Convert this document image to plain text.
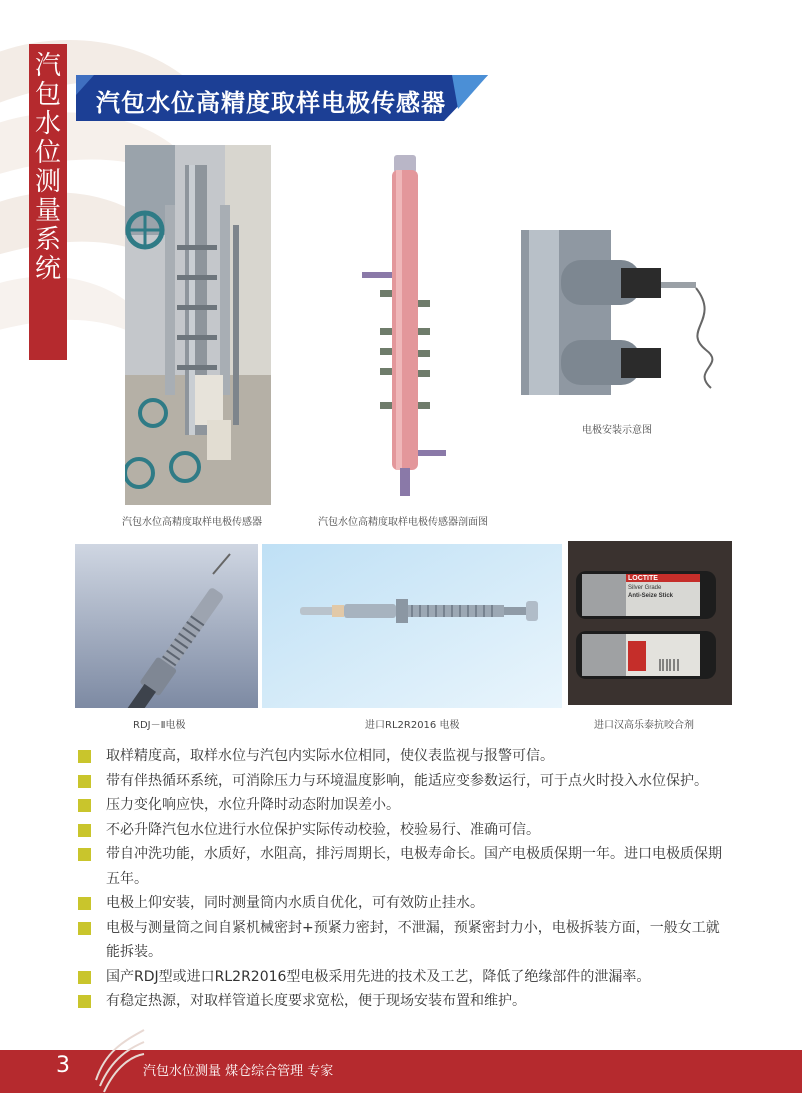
汽
包
水
位
测
量
系
统
汽包水位高精度取样电极传感器
汽包水位高精度取样电极传感器	汽包水位高精度取样电极传感器剖面图
电极安装示意图
RDJ－Ⅱ电极	进口RL2R2016 电极
LOCTITE
Silver Grade
Anti-Seize Stick
进口汉高乐泰抗咬合剂
取样精度高，取样水位与汽包内实际水位相同，使仪表监视与报警可信。
带有伴热循环系统，可消除压力与环境温度影响，能适应变参数运行，可于点火时投入水位保护。
压力变化响应快，水位升降时动态附加误差小。
不必升降汽包水位进行水位保护实际传动校验，校验易行、准确可信。
带自冲洗功能，水质好，水阻高，排污周期长，电极寿命长。国产电极质保期一年。进口电极质保期五年。
电极上仰安装，同时测量筒内水质自优化，可有效防止挂水。
电极与测量筒之间自紧机械密封+预紧力密封，不泄漏，预紧密封力小，电极拆装方面，一般女工就能拆装。
国产RDJ型或进口RL2R2016型电极采用先进的技术及工艺，降低了绝缘部件的泄漏率。
有稳定热源，对取样管道长度要求宽松，便于现场安装布置和维护。
3	汽包水位测量 煤仓综合管理 专家
